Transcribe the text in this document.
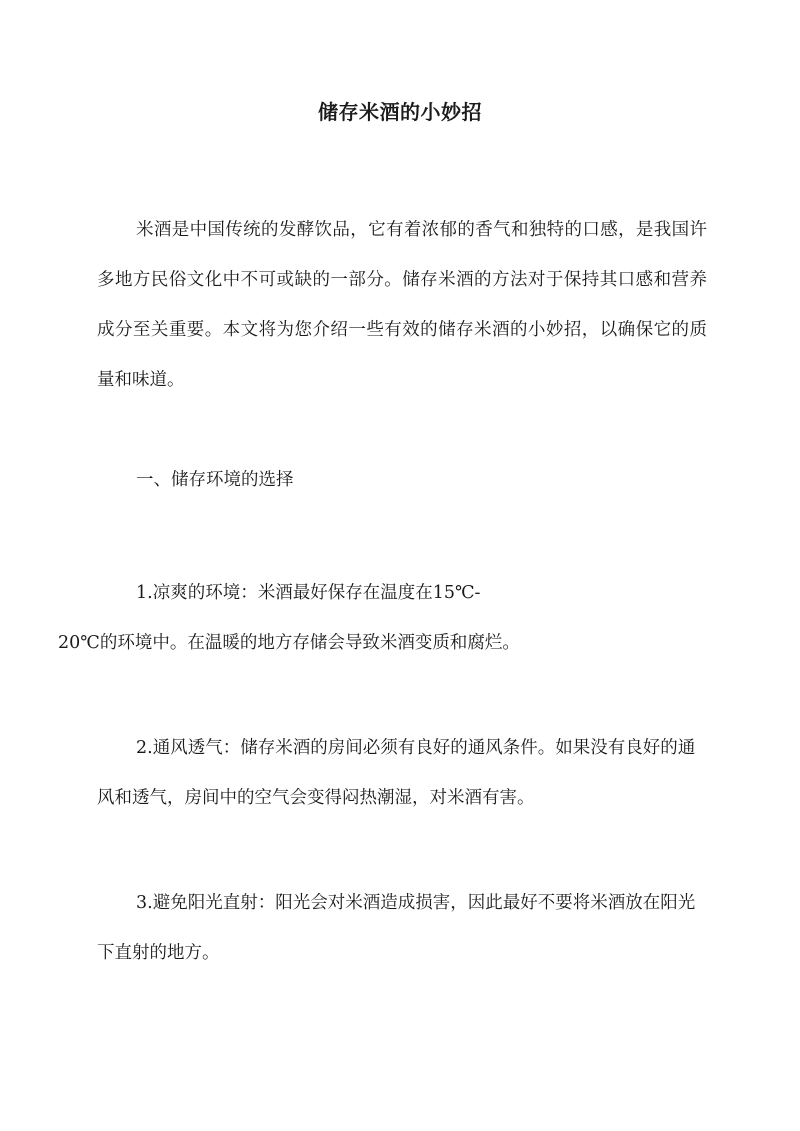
储存米酒的小妙招

米酒是中国传统的发酵饮品，它有着浓郁的香气和独特的口感，是我国许多地方民俗文化中不可或缺的一部分。储存米酒的方法对于保持其口感和营养成分至关重要。本文将为您介绍一些有效的储存米酒的小妙招，以确保它的质量和味道。

一、储存环境的选择

1.凉爽的环境：米酒最好保存在温度在15℃-
20℃的环境中。在温暖的地方存储会导致米酒变质和腐烂。

2.通风透气：储存米酒的房间必须有良好的通风条件。如果没有良好的通风和透气，房间中的空气会变得闷热潮湿，对米酒有害。

3.避免阳光直射：阳光会对米酒造成损害，因此最好不要将米酒放在阳光下直射的地方。
